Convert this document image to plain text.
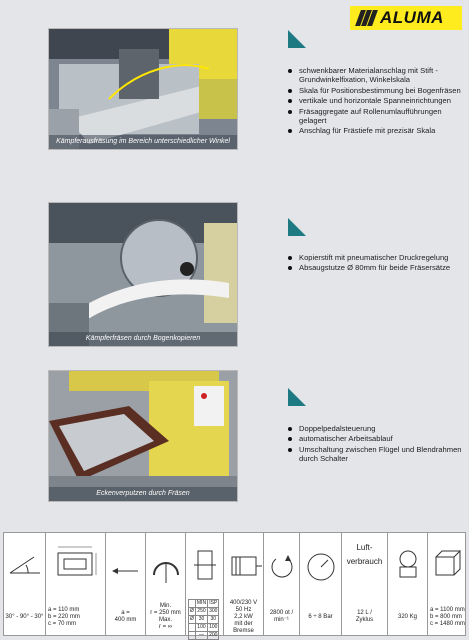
ALUMA
Kämpferausfräsung im Bereich unterschiedlicher Winkel
schwenkbarer Materialanschlag mit Stift - Grundwinkelfixation, Winkelskala
Skala für Positionsbestimmung bei Bogenfräsen
vertikale und horizontale Spanneinrichtungen
Fräsaggregate auf Rollenumlaufführungen gelagert
Anschlag für Frästiefe mit prezisär Skala
Kämpferfräsen durch Bogenkopieren
Kopierstift mit pneumatischer Druckregelung
Absaugstutze Ø 80mm für beide Fräsersätze
Eckenverputzen durch Fräsen
Doppelpedalsteuerung
automatischer Arbeitsablauf
Umschaltung zwischen Flügel und Blendrahmen durch Schalter
30° - 90° - 30°
a = 110 mm
b = 220 mm
c = 70 mm
a =
400 mm
Min.
r = 250 mm
Max.
r = ∞
	MIN	ISP
Ø	250	300
Ø	30	30
	100	100
	—	200
400/230 V
50 Hz
2,2 kW
mit der Bremse
2800 ot /
min⁻¹
6 ÷ 8 Bar
Luft-
verbrauch
12 L /
Zyklus
320 Kg
a = 1100 mm
b = 800 mm
c = 1480 mm
